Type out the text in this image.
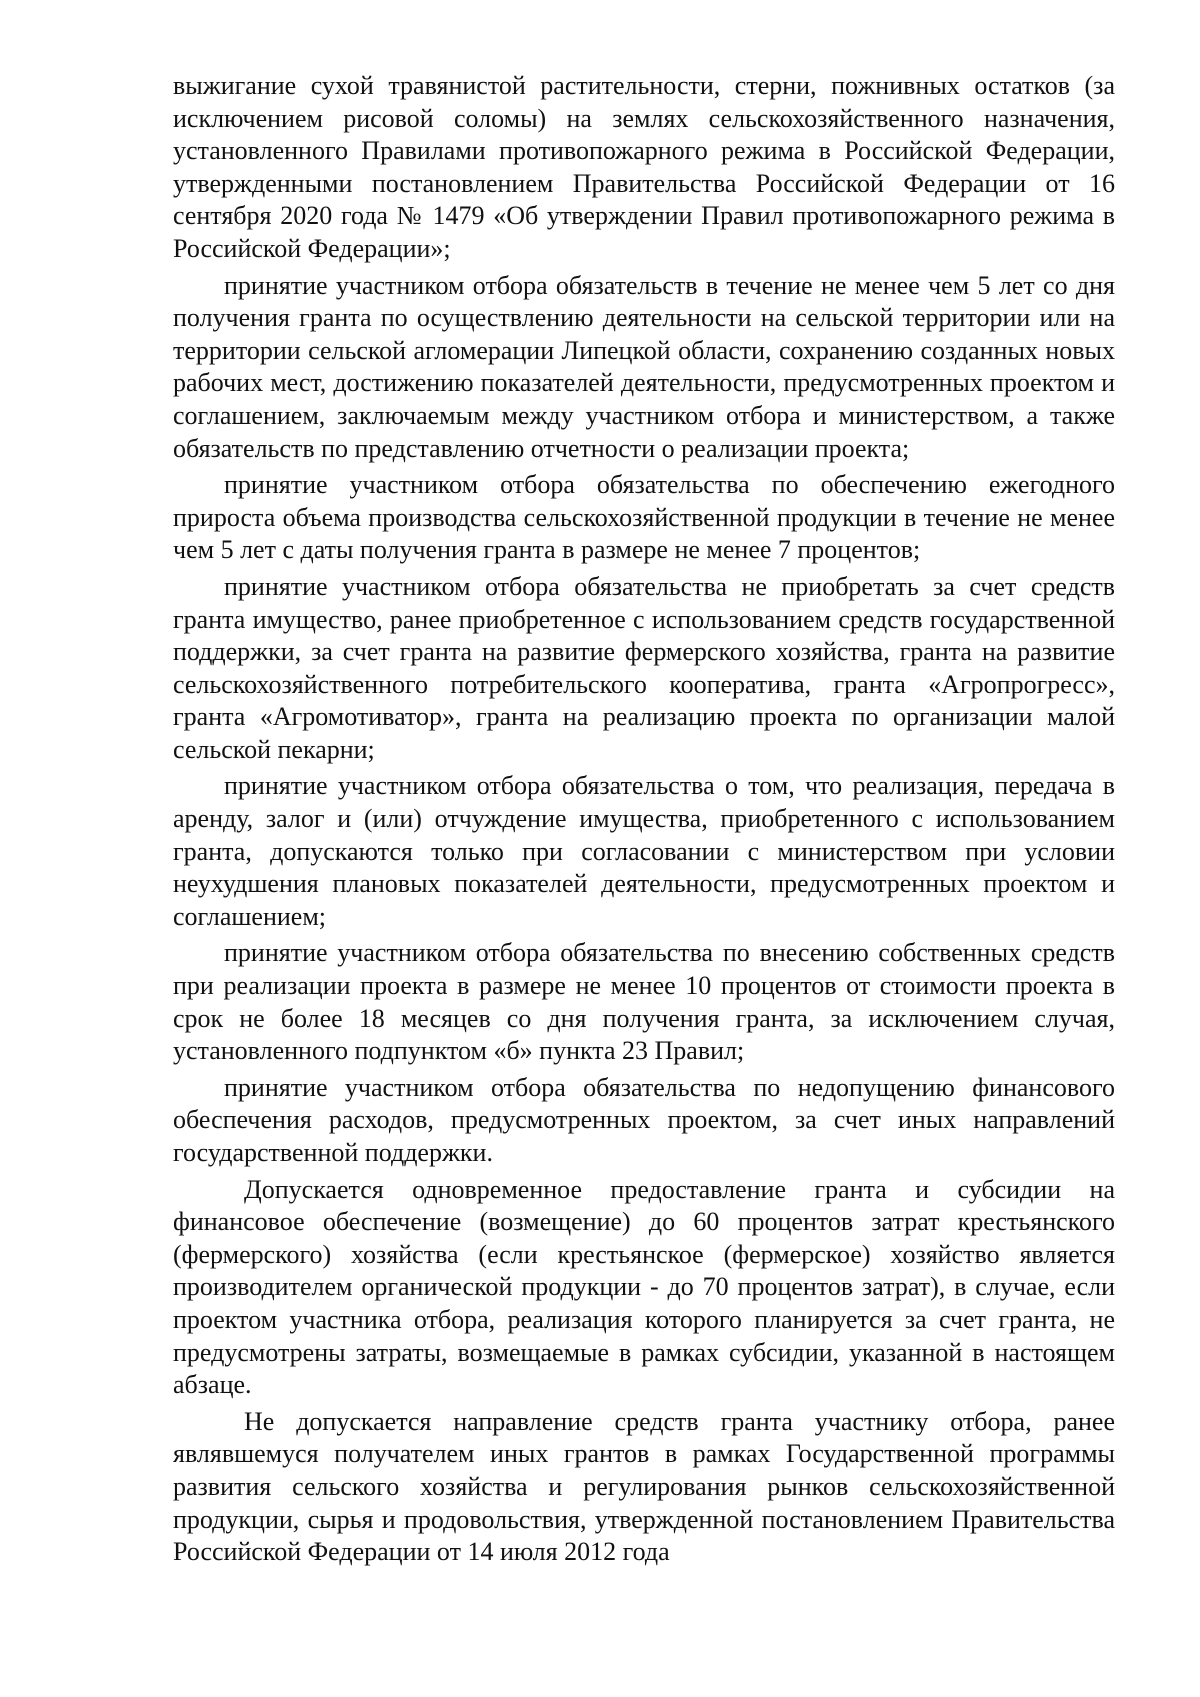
выжигание сухой травянистой растительности, стерни, пожнивных остатков (за исключением рисовой соломы) на землях сельскохозяйственного назначения, установленного Правилами противопожарного режима в Российской Федерации, утвержденными постановлением Правительства Российской Федерации от 16 сентября 2020 года № 1479 «Об утверждении Правил противопожарного режима в Российской Федерации»;

принятие участником отбора обязательств в течение не менее чем 5 лет со дня получения гранта по осуществлению деятельности на сельской территории или на территории сельской агломерации Липецкой области, сохранению созданных новых рабочих мест, достижению показателей деятельности, предусмотренных проектом и соглашением, заключаемым между участником отбора и министерством, а также обязательств по представлению отчетности о реализации проекта;

принятие участником отбора обязательства по обеспечению ежегодного прироста объема производства сельскохозяйственной продукции в течение не менее чем 5 лет с даты получения гранта в размере не менее 7 процентов;

принятие участником отбора обязательства не приобретать за счет средств гранта имущество, ранее приобретенное с использованием средств государственной поддержки, за счет гранта на развитие фермерского хозяйства, гранта на развитие сельскохозяйственного потребительского кооператива, гранта «Агропрогресс», гранта «Агромотиватор», гранта на реализацию проекта по организации малой сельской пекарни;

принятие участником отбора обязательства о том, что реализация, передача в аренду, залог и (или) отчуждение имущества, приобретенного с использованием гранта, допускаются только при согласовании с министерством при условии неухудшения плановых показателей деятельности, предусмотренных проектом и соглашением;

принятие участником отбора обязательства по внесению собственных средств при реализации проекта в размере не менее 10 процентов от стоимости проекта в срок не более 18 месяцев со дня получения гранта, за исключением случая, установленного подпунктом «б» пункта 23 Правил;

принятие участником отбора обязательства по недопущению финансового обеспечения расходов, предусмотренных проектом, за счет иных направлений государственной поддержки.

Допускается одновременное предоставление гранта и субсидии на финансовое обеспечение (возмещение) до 60 процентов затрат крестьянского (фермерского) хозяйства (если крестьянское (фермерское) хозяйство является производителем органической продукции - до 70 процентов затрат), в случае, если проектом участника отбора, реализация которого планируется за счет гранта, не предусмотрены затраты, возмещаемые в рамках субсидии, указанной в настоящем абзаце.

Не допускается направление средств гранта участнику отбора, ранее являвшемуся получателем иных грантов в рамках Государственной программы развития сельского хозяйства и регулирования рынков сельскохозяйственной продукции, сырья и продовольствия, утвержденной постановлением Правительства Российской Федерации от 14 июля 2012 года
